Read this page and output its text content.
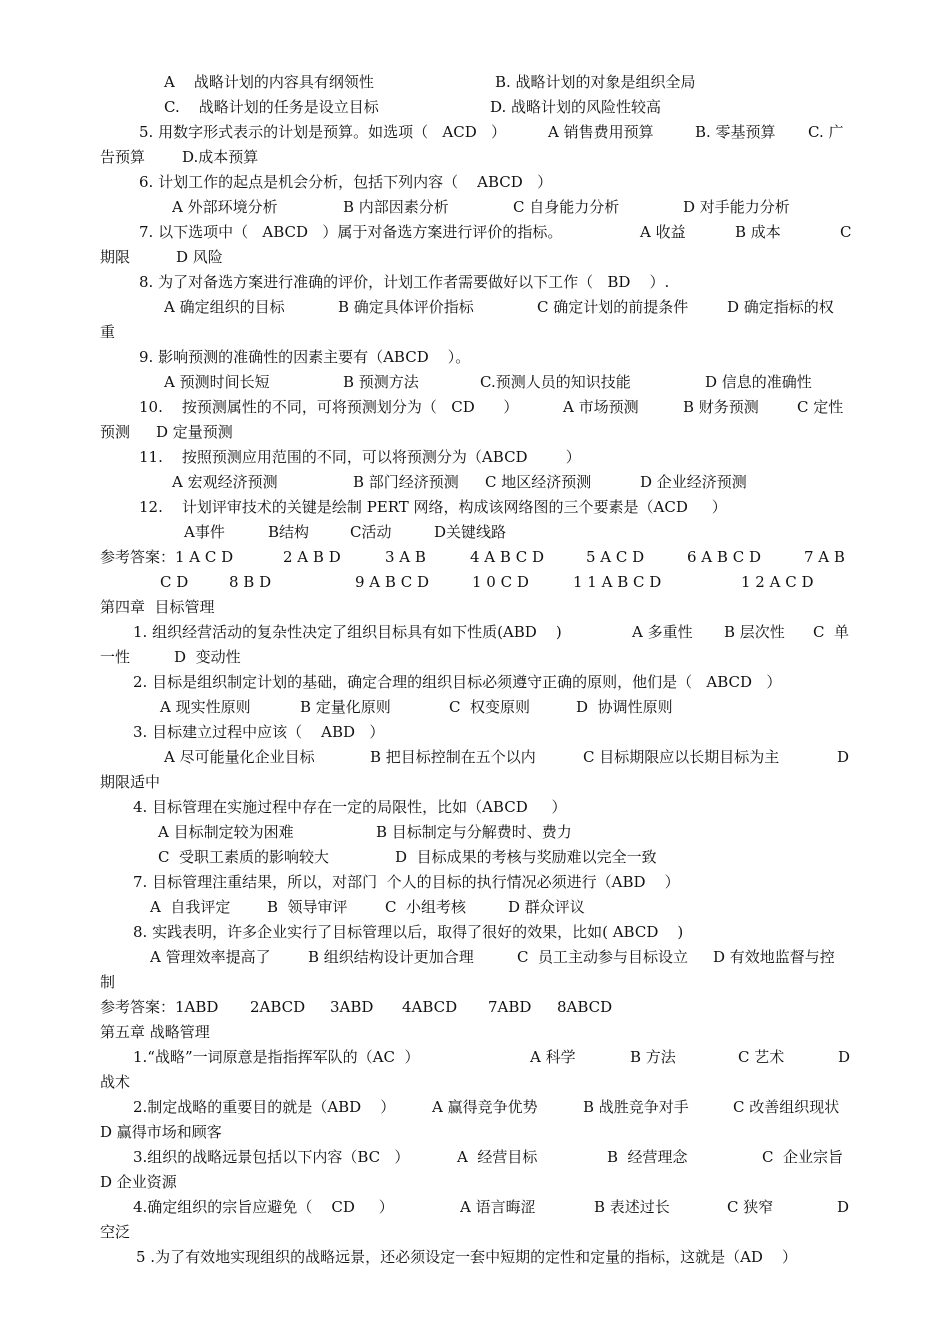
A    战略计划的内容具有纲领性	B. 战略计划的对象是组织全局
C.    战略计划的任务是设立目标	D. 战略计划的风险性较高
5. 用数字形式表示的计划是预算。如选项（   ACD   ）	A 销售费用预算	B. 零基预算 C. 广
告预算 D.成本预算
6. 计划工作的起点是机会分析，包括下列内容（    ABCD   ）
A 外部环境分析	B 内部因素分析	C 自身能力分析	D 对手能力分析
7. 以下选项中（   ABCD   ）属于对备选方案进行评价的指标。	A 收益	B 成本	C
期限	D 风险
8. 为了对备选方案进行准确的评价，计划工作者需要做好以下工作（   BD    ）.
A 确定组织的目标	B 确定具体评价指标	C 确定计划的前提条件	D 确定指标的权
重
9. 影响预测的准确性的因素主要有（ABCD    ）。
A 预测时间长短	B 预测方法	C.预测人员的知识技能	D 信息的准确性
10.    按预测属性的不同，可将预测划分为（   CD      ）	A 市场预测	B 财务预测	C 定性
预测 D 定量预测
11.    按照预测应用范围的不同，可以将预测分为（ABCD        ）
A 宏观经济预测	B 部门经济预测 C 地区经济预测	D 企业经济预测
12.    计划评审技术的关键是绘制 PERT 网络，构成该网络图的三个要素是（ACD     ）
A事件	B结构	C活动	D关键线路
参考答案：1 A C D	2 A B D	3 A B	4 A B C D	5 A C D	6 A B C D	7 A B
C D	8 B D	9 A B C D	1 0 C D	1 1 A B C D	1 2 A C D
第四章  目标管理
1. 组织经营活动的复杂性决定了组织目标具有如下性质(ABD    )	A 多重性 B 层次性 C  单
一性	D  变动性
2. 目标是组织制定计划的基础，确定合理的组织目标必须遵守正确的原则，他们是（   ABCD   ）
A 现实性原则	B 定量化原则	C  权变原则	D  协调性原则
3. 目标建立过程中应该（    ABD   ）
A 尽可能量化企业目标	B 把目标控制在五个以内	C 目标期限应以长期目标为主	D
期限适中
4. 目标管理在实施过程中存在一定的局限性，比如（ABCD     ）
A 目标制定较为困难	B 目标制定与分解费时、费力
C  受职工素质的影响较大	D  目标成果的考核与奖励难以完全一致
7. 目标管理注重结果，所以，对部门  个人的目标的执行情况必须进行（ABD    ）
A  自我评定 B  领导审评 C  小组考核	D 群众评议
8. 实践表明，许多企业实行了目标管理以后，取得了很好的效果，比如( ABCD    )
A 管理效率提高了 B 组织结构设计更加合理	C  员工主动参与目标设立 D 有效地监督与控
制
参考答案：1ABD 2ABCD 3ABD 4ABCD 7ABD 8ABCD
第五章 战略管理
1.“战略”一词原意是指指挥军队的（AC  ）	A 科学	B 方法	C 艺术	D
战术
2.制定战略的重要目的就是（ABD    ） A 赢得竞争优势	B 战胜竞争对手	C 改善组织现状
D 赢得市场和顾客
3.组织的战略远景包括以下内容（BC   ）	A  经营目标	B  经营理念	C  企业宗旨
D 企业资源
4.确定组织的宗旨应避免（    CD     ）	A 语言晦涩	B 表述过长	C 狭窄	D
空泛
5 .为了有效地实现组织的战略远景，还必须设定一套中短期的定性和定量的指标，这就是（AD    ）
